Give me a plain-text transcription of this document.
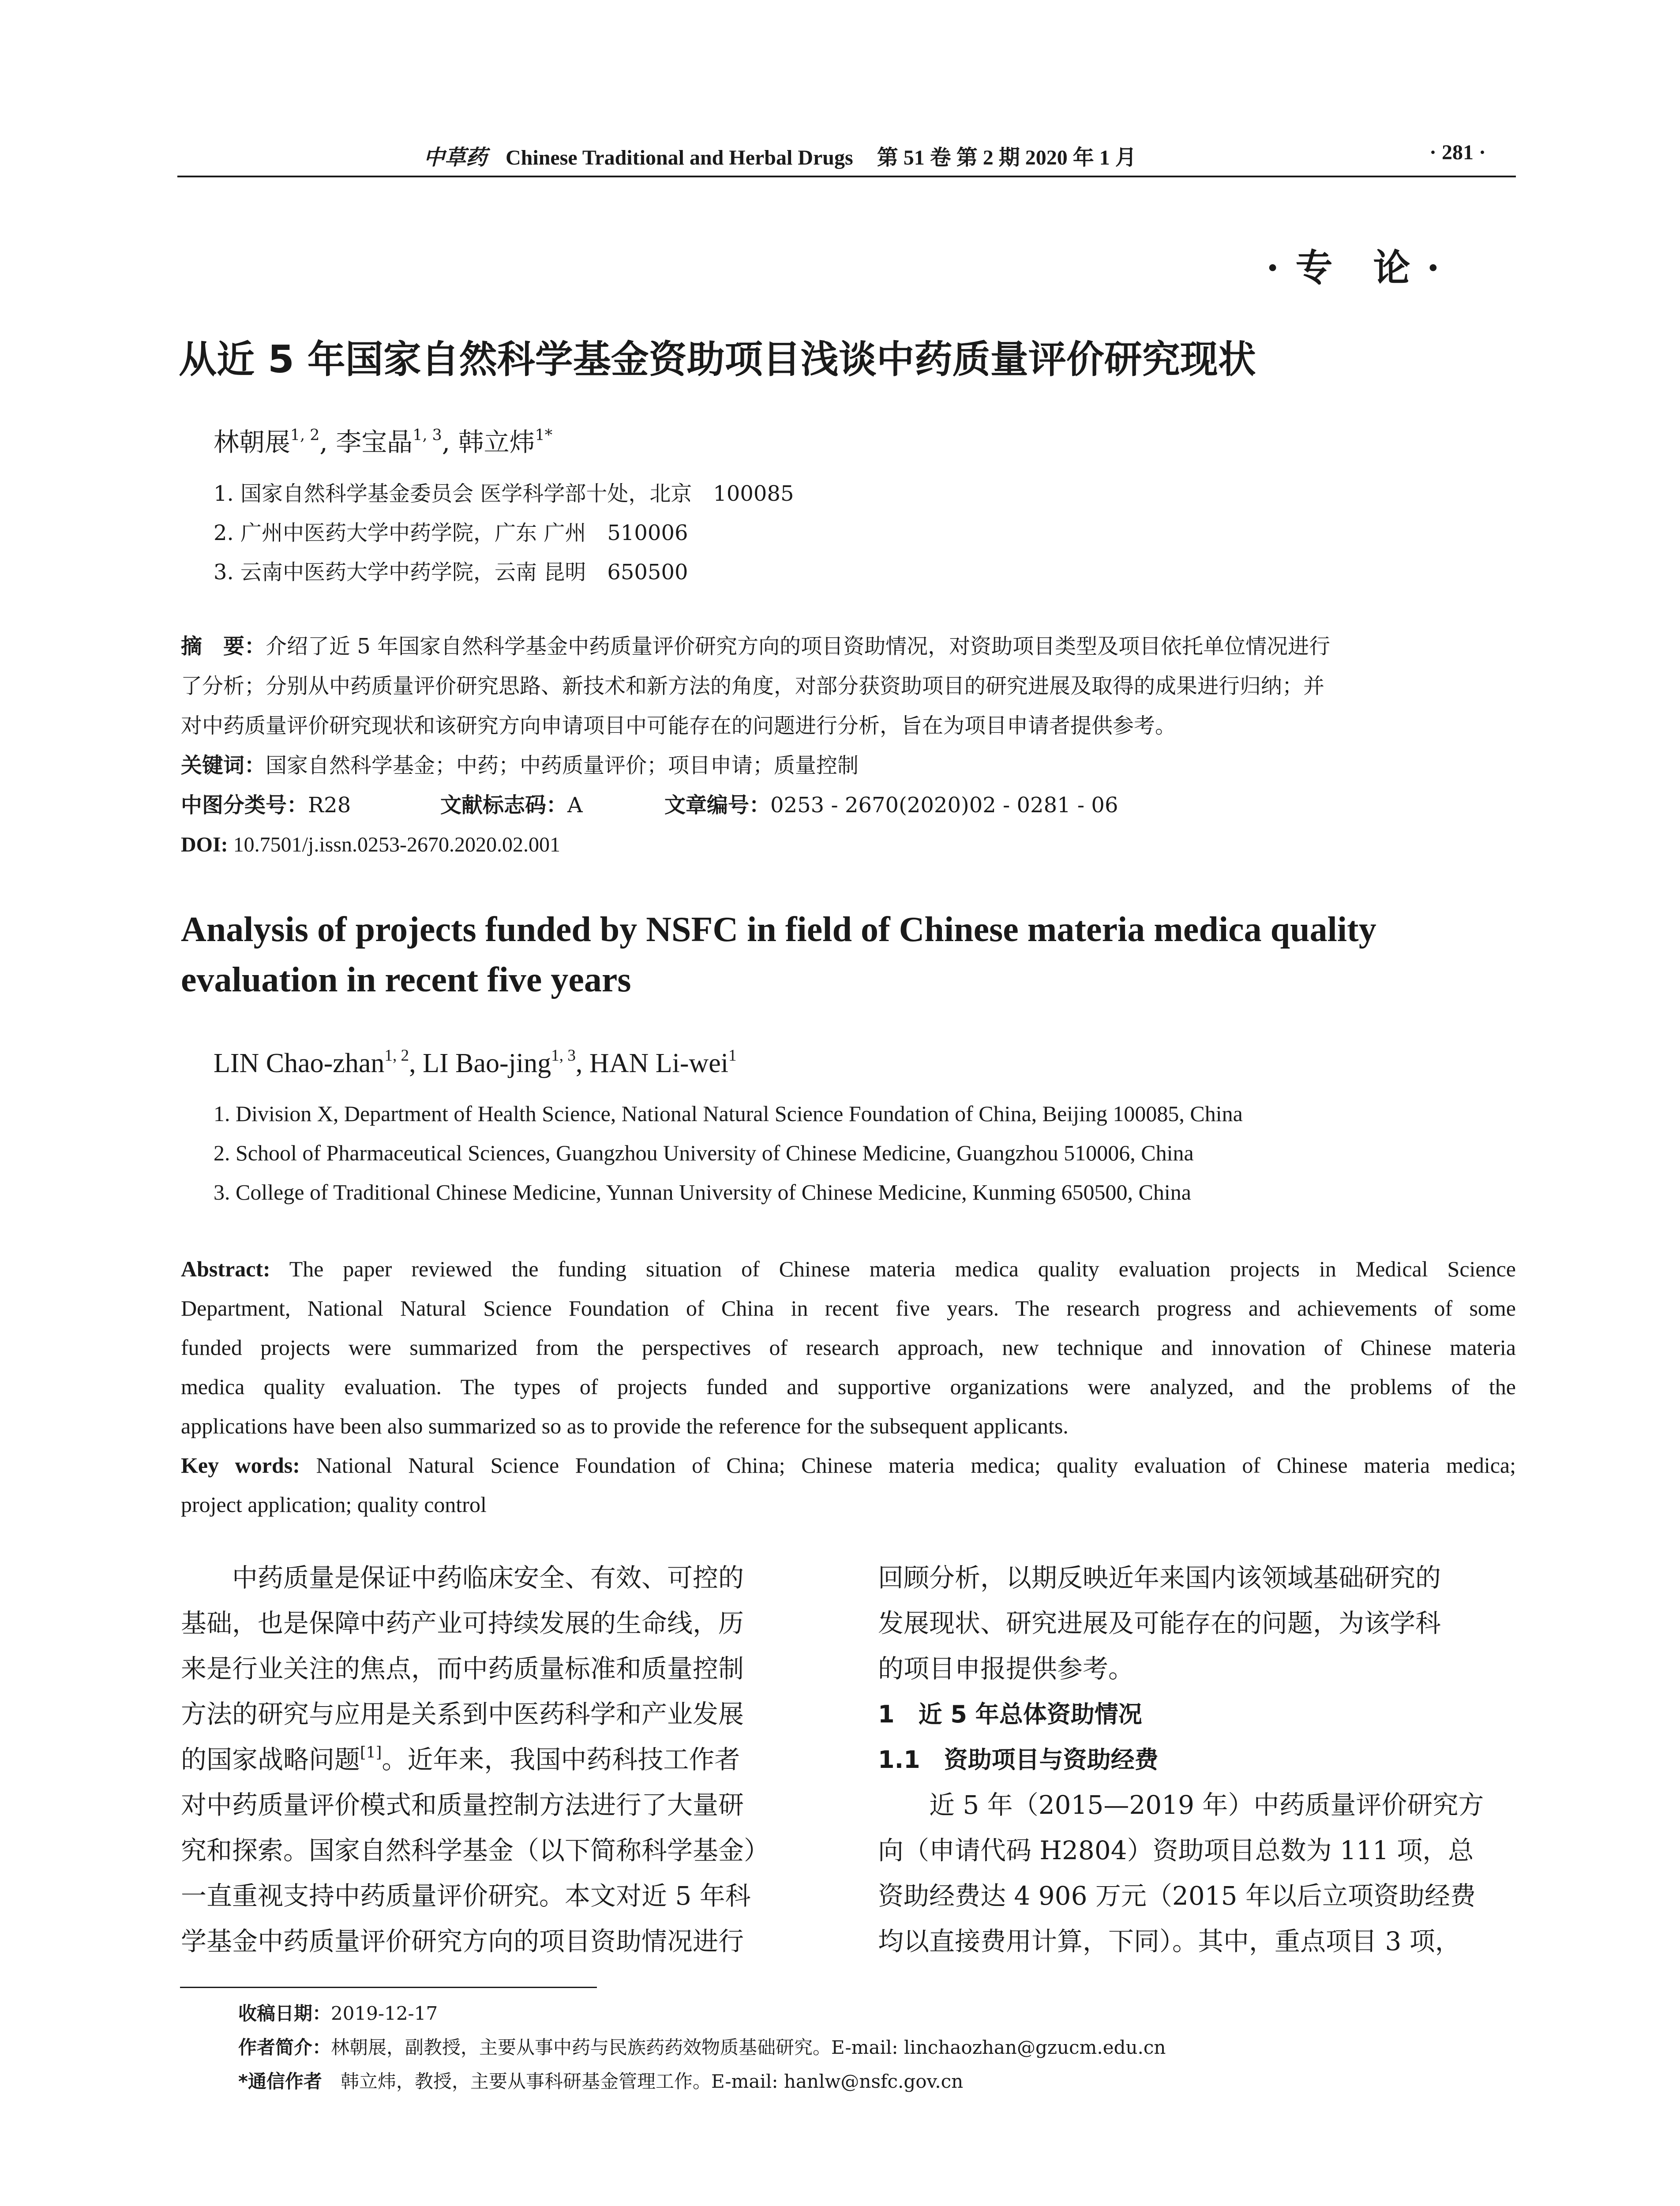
中草药 Chinese Traditional and Herbal Drugs 第 51 卷 第 2 期 2020 年 1 月	· 281 ·
· 专　论 ·
从近 5 年国家自然科学基金资助项目浅谈中药质量评价研究现状
林朝展$^{1, 2}$, 李宝晶$^{1, 3}$, 韩立炜$^{1*}$
1. 国家自然科学基金委员会 医学科学部十处，北京　100085
2. 广州中医药大学中药学院，广东 广州　510006
3. 云南中医药大学中药学院，云南 昆明　650500
摘　要：介绍了近 5 年国家自然科学基金中药质量评价研究方向的项目资助情况，对资助项目类型及项目依托单位情况进行
了分析；分别从中药质量评价研究思路、新技术和新方法的角度，对部分获资助项目的研究进展及取得的成果进行归纳；并
对中药质量评价研究现状和该研究方向申请项目中可能存在的问题进行分析，旨在为项目申请者提供参考。
关键词：国家自然科学基金；中药；中药质量评价；项目申请；质量控制
中图分类号：R28	文献标志码：A	文章编号：0253 - 2670(2020)02 - 0281 - 06
DOI: 10.7501/j.issn.0253-2670.2020.02.001
Analysis of projects funded by NSFC in field of Chinese materia medica quality
evaluation in recent five years
LIN Chao-zhan$^{1, 2}$, LI Bao-jing$^{1, 3}$, HAN Li-wei$^1$
1. Division X, Department of Health Science, National Natural Science Foundation of China, Beijing 100085, China
2. School of Pharmaceutical Sciences, Guangzhou University of Chinese Medicine, Guangzhou 510006, China
3. College of Traditional Chinese Medicine, Yunnan University of Chinese Medicine, Kunming 650500, China
Abstract: The paper reviewed the funding situation of Chinese materia medica quality evaluation projects in Medical Science
Department, National Natural Science Foundation of China in recent five years. The research progress and achievements of some
funded projects were summarized from the perspectives of research approach, new technique and innovation of Chinese materia
medica quality evaluation. The types of projects funded and supportive organizations were analyzed, and the problems of the
applications have been also summarized so as to provide the reference for the subsequent applicants.
Key words: National Natural Science Foundation of China; Chinese materia medica; quality evaluation of Chinese materia medica;
project application; quality control
中药质量是保证中药临床安全、有效、可控的
基础，也是保障中药产业可持续发展的生命线，历
来是行业关注的焦点，而中药质量标准和质量控制
方法的研究与应用是关系到中医药科学和产业发展
的国家战略问题[1]。近年来，我国中药科技工作者
对中药质量评价模式和质量控制方法进行了大量研
究和探索。国家自然科学基金（以下简称科学基金）
一直重视支持中药质量评价研究。本文对近 5 年科
学基金中药质量评价研究方向的项目资助情况进行
回顾分析，以期反映近年来国内该领域基础研究的
发展现状、研究进展及可能存在的问题，为该学科
的项目申报提供参考。
1　近 5 年总体资助情况
1.1　资助项目与资助经费
近 5 年（2015—2019 年）中药质量评价研究方
向（申请代码 H2804）资助项目总数为 111 项，总
资助经费达 4 906 万元（2015 年以后立项资助经费
均以直接费用计算，下同）。其中，重点项目 3 项，
收稿日期：2019-12-17
作者简介：林朝展，副教授，主要从事中药与民族药药效物质基础研究。E-mail: linchaozhan@gzucm.edu.cn
*通信作者　韩立炜，教授，主要从事科研基金管理工作。E-mail: hanlw@nsfc.gov.cn
